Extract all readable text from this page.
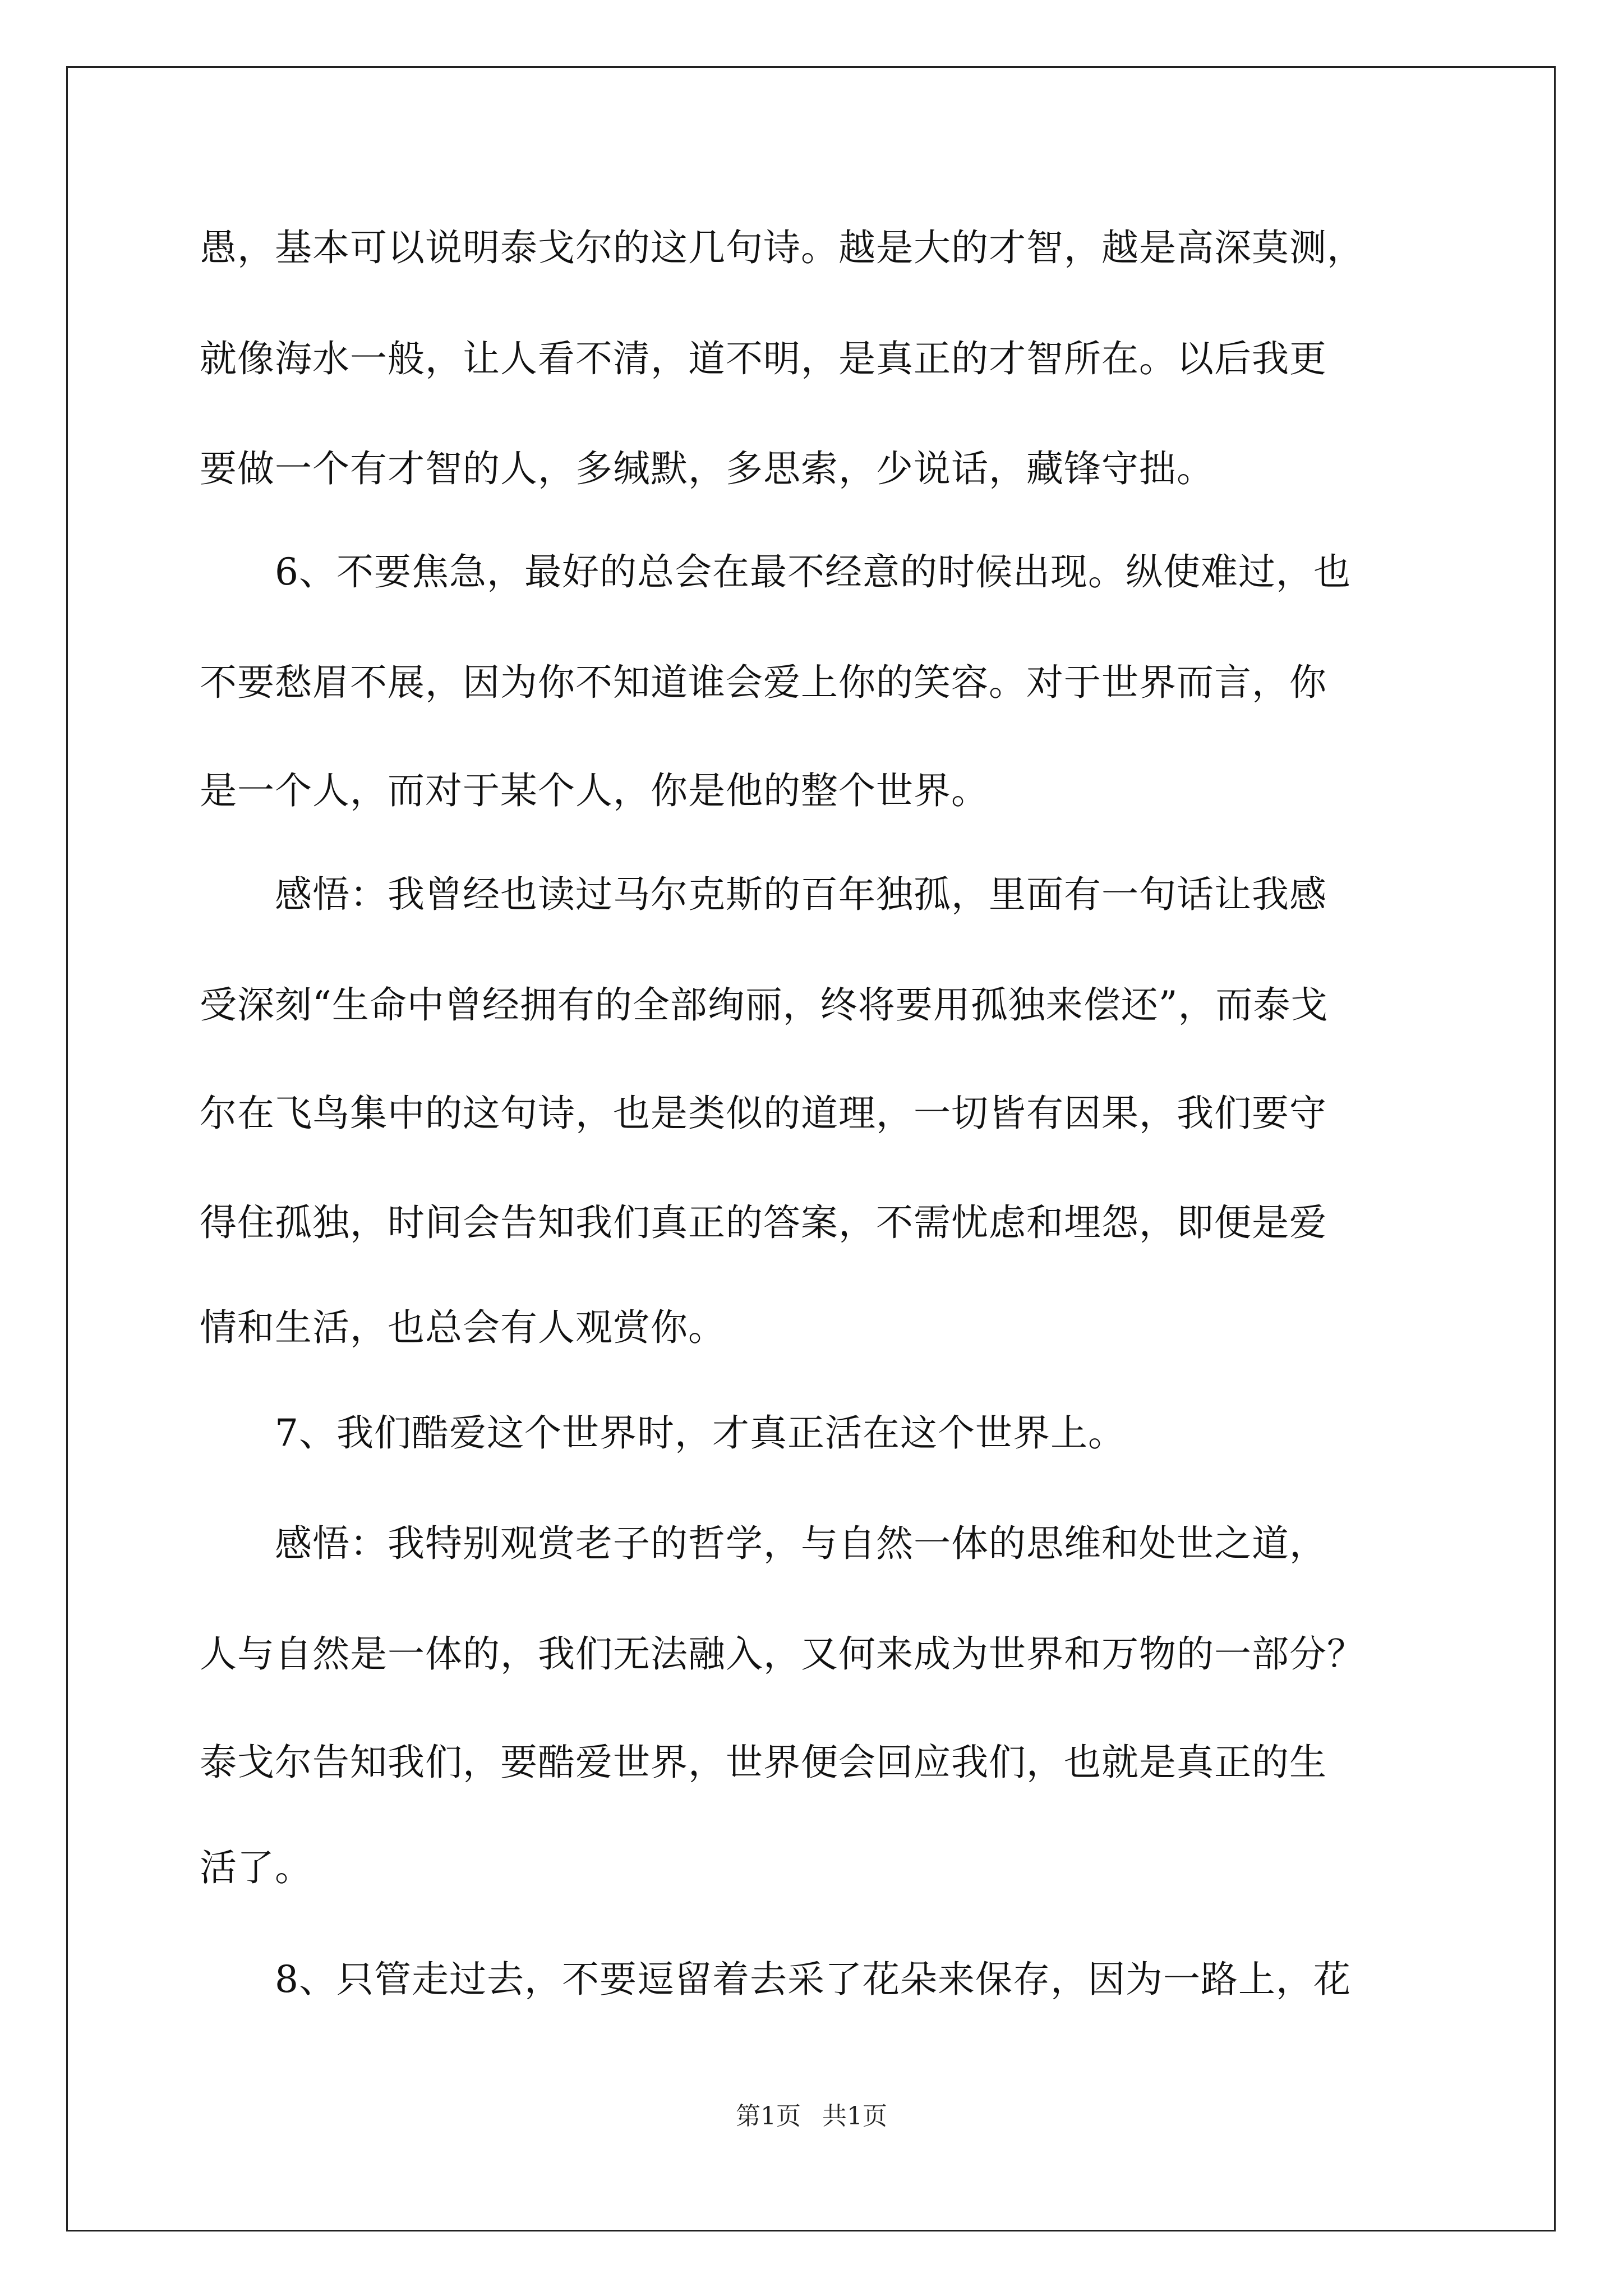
愚，基本可以说明泰戈尔的这几句诗。越是大的才智，越是高深莫测，
就像海水一般，让人看不清，道不明，是真正的才智所在。以后我更
要做一个有才智的人，多缄默，多思索，少说话，藏锋守拙。
　　6、不要焦急，最好的总会在最不经意的时候出现。纵使难过，也
不要愁眉不展，因为你不知道谁会爱上你的笑容。对于世界而言，你
是一个人，而对于某个人，你是他的整个世界。
　　感悟：我曾经也读过马尔克斯的百年独孤，里面有一句话让我感
受深刻“生命中曾经拥有的全部绚丽，终将要用孤独来偿还”，而泰戈
尔在飞鸟集中的这句诗，也是类似的道理，一切皆有因果，我们要守
得住孤独，时间会告知我们真正的答案，不需忧虑和埋怨，即便是爱
情和生活，也总会有人观赏你。
　　7、我们酷爱这个世界时，才真正活在这个世界上。
　　感悟：我特别观赏老子的哲学，与自然一体的思维和处世之道，
人与自然是一体的，我们无法融入，又何来成为世界和万物的一部分？
泰戈尔告知我们，要酷爱世界，世界便会回应我们，也就是真正的生
活了。
　　8、只管走过去，不要逗留着去采了花朵来保存，因为一路上，花
第1页 共1页
